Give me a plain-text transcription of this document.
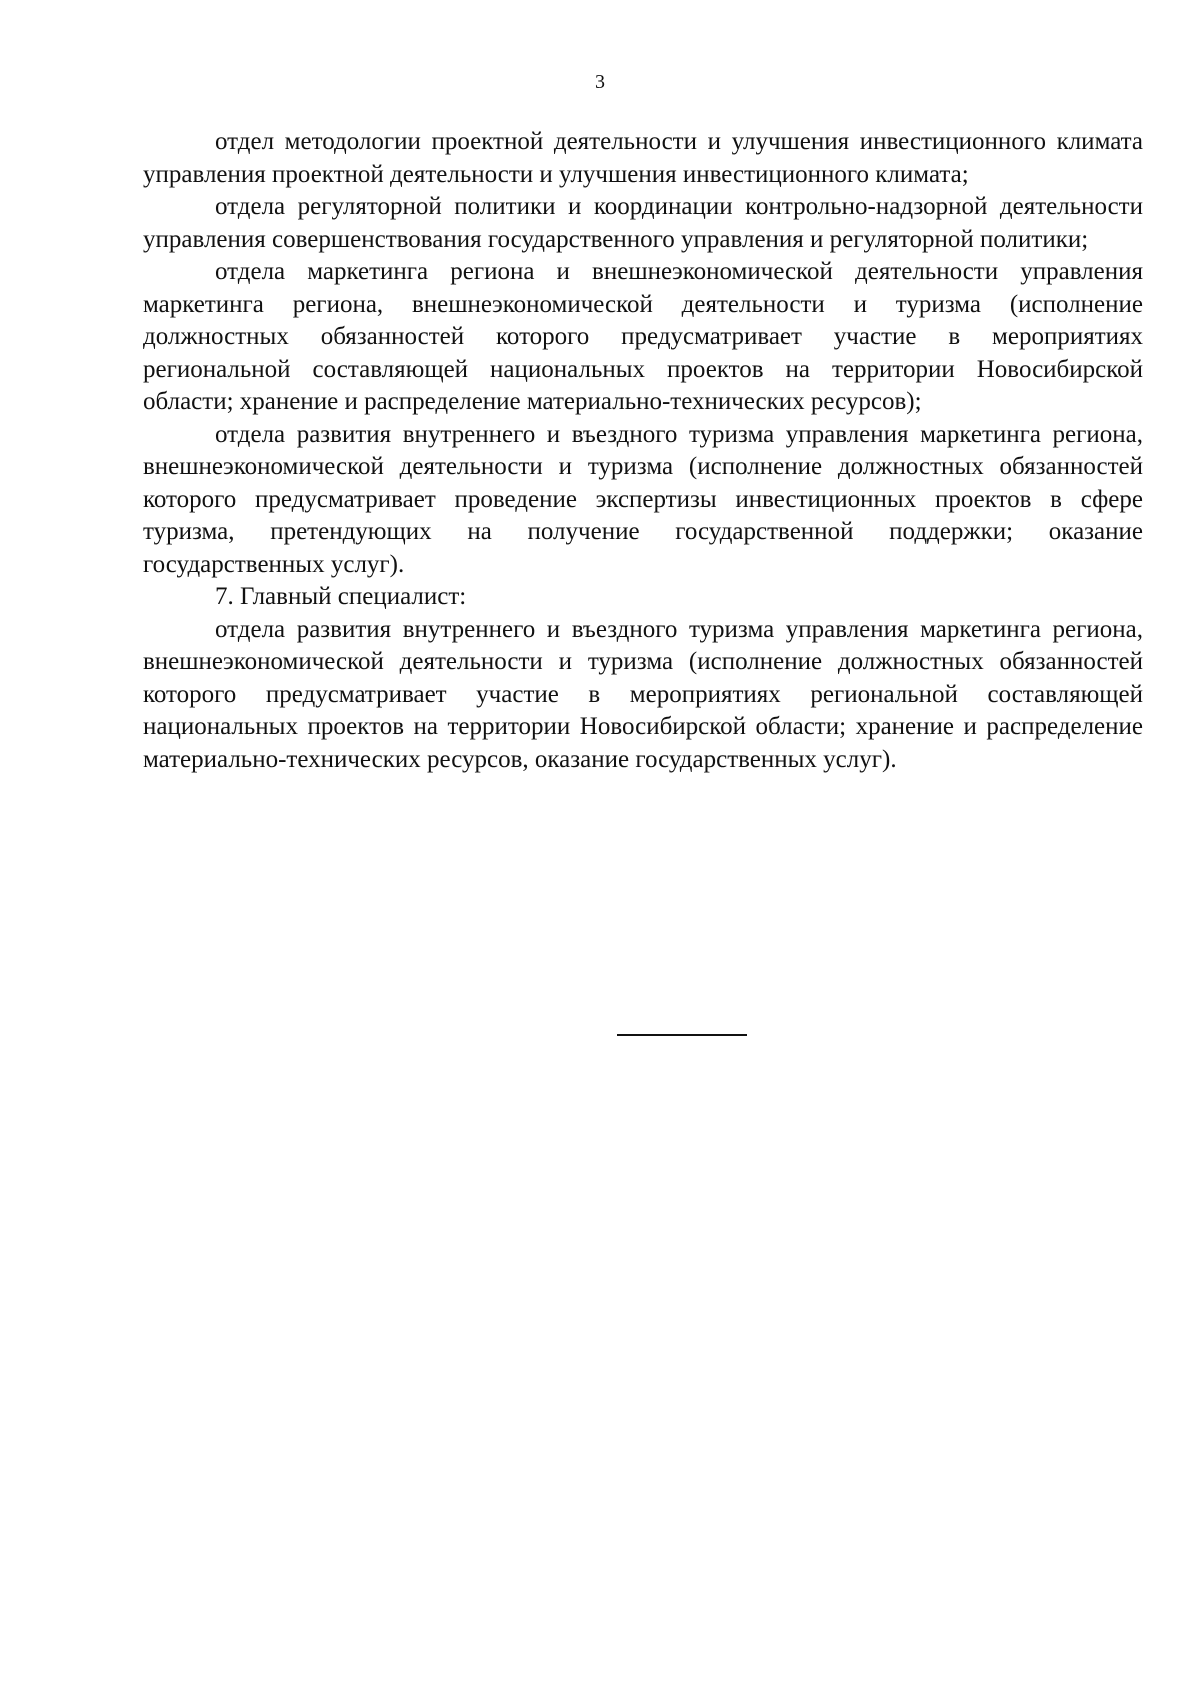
3

отдел методологии проектной деятельности и улучшения инвестиционного климата управления проектной деятельности и улучшения инвестиционного климата;

отдела регуляторной политики и координации контрольно-надзорной деятельности управления совершенствования государственного управления и регуляторной политики;

отдела маркетинга региона и внешнеэкономической деятельности управления маркетинга региона, внешнеэкономической деятельности и туризма (исполнение должностных обязанностей которого предусматривает участие в мероприятиях региональной составляющей национальных проектов на территории Новосибирской области; хранение и распределение материально-технических ресурсов);

отдела развития внутреннего и въездного туризма управления маркетинга региона, внешнеэкономической деятельности и туризма (исполнение должностных обязанностей которого предусматривает проведение экспертизы инвестиционных проектов в сфере туризма, претендующих на получение государственной поддержки; оказание государственных услуг).

7. Главный специалист:

отдела развития внутреннего и въездного туризма управления маркетинга региона, внешнеэкономической деятельности и туризма (исполнение должностных обязанностей которого предусматривает участие в мероприятиях региональной составляющей национальных проектов на территории Новосибирской области; хранение и распределение материально-технических ресурсов, оказание государственных услуг).
